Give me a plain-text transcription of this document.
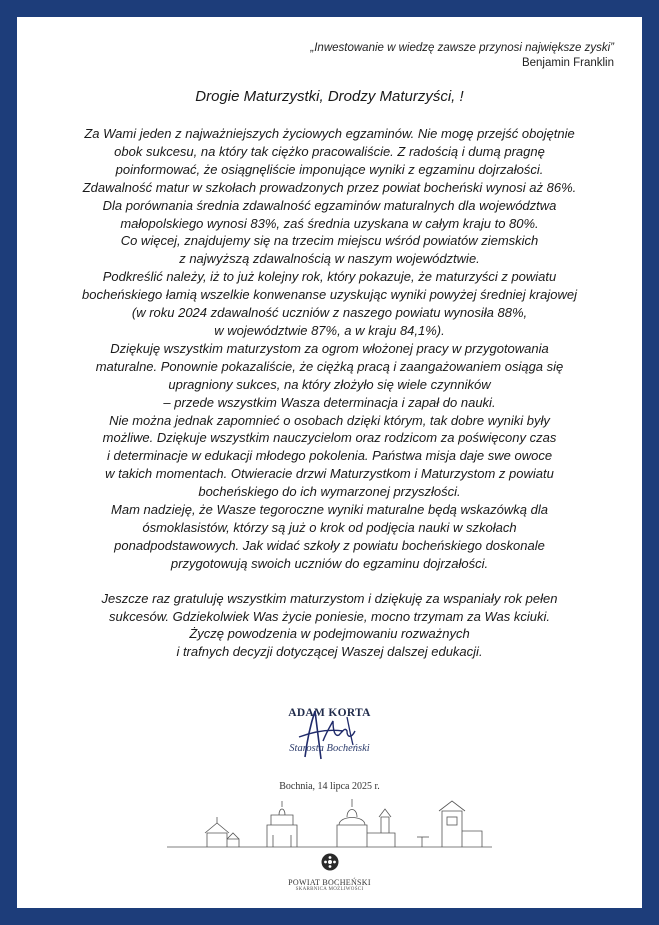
„Inwestowanie w wiedzę zawsze przynosi największe zyski”
Benjamin Franklin
Drogie Maturzystki, Drodzy Maturzyści, !
Za Wami jeden z najważniejszych życiowych egzaminów. Nie mogę przejść obojętnie
obok sukcesu, na który tak ciężko pracowaliście. Z radością i dumą pragnę
poinformować, że osiągnęliście imponujące wyniki z egzaminu dojrzałości.
Zdawalność matur w szkołach prowadzonych przez powiat bocheński wynosi aż 86%.
Dla porównania średnia zdawalność egzaminów maturalnych dla województwa
małopolskiego wynosi 83%, zaś średnia uzyskana w całym kraju to 80%.
Co więcej, znajdujemy się na trzecim miejscu wśród powiatów ziemskich
z najwyższą zdawalnością w naszym województwie.
Podkreślić należy, iż to już kolejny rok, który pokazuje, że maturzyści z powiatu
bocheńskiego łamią wszelkie konwenanse uzyskując wyniki powyżej średniej krajowej
(w roku 2024 zdawalność uczniów z naszego powiatu wynosiła 88%,
w województwie 87%, a w kraju 84,1%).
Dziękuję wszystkim maturzystom za ogrom włożonej pracy w przygotowania
maturalne. Ponownie pokazaliście, że ciężką pracą i zaangażowaniem osiąga się
upragniony sukces, na który złożyło się wiele czynników
– przede wszystkim Wasza determinacja i zapał do nauki.
Nie można jednak zapomnieć o osobach dzięki którym, tak dobre wyniki były
możliwe. Dziękuje wszystkim nauczycielom oraz rodzicom za poświęcony czas
i determinacje w edukacji młodego pokolenia. Państwa misja daje swe owoce
w takich momentach. Otwieracie drzwi Maturzystkom i Maturzystom z powiatu
bocheńskiego do ich wymarzonej przyszłości.
Mam nadzieję, że Wasze tegoroczne wyniki maturalne będą wskazówką dla
ósmoklasistów, którzy są już o krok od podjęcia nauki w szkołach
ponadpodstawowych. Jak widać szkoły z powiatu bocheńskiego doskonale
przygotowują swoich uczniów do egzaminu dojrzałości.
Jeszcze raz gratuluję wszystkim maturzystom i dziękuję za wspaniały rok pełen
sukcesów. Gdziekolwiek Was życie poniesie, mocno trzymam za Was kciuki.
Życzę powodzenia w podejmowaniu rozważnych
i trafnych decyzji dotyczącej Waszej dalszej edukacji.
ADAM KORTA
Starosta Bocheński
Bochnia, 14 lipca 2025 r.
POWIAT BOCHEŃSKI
SKARBNICA MOŻLIWOŚCI
